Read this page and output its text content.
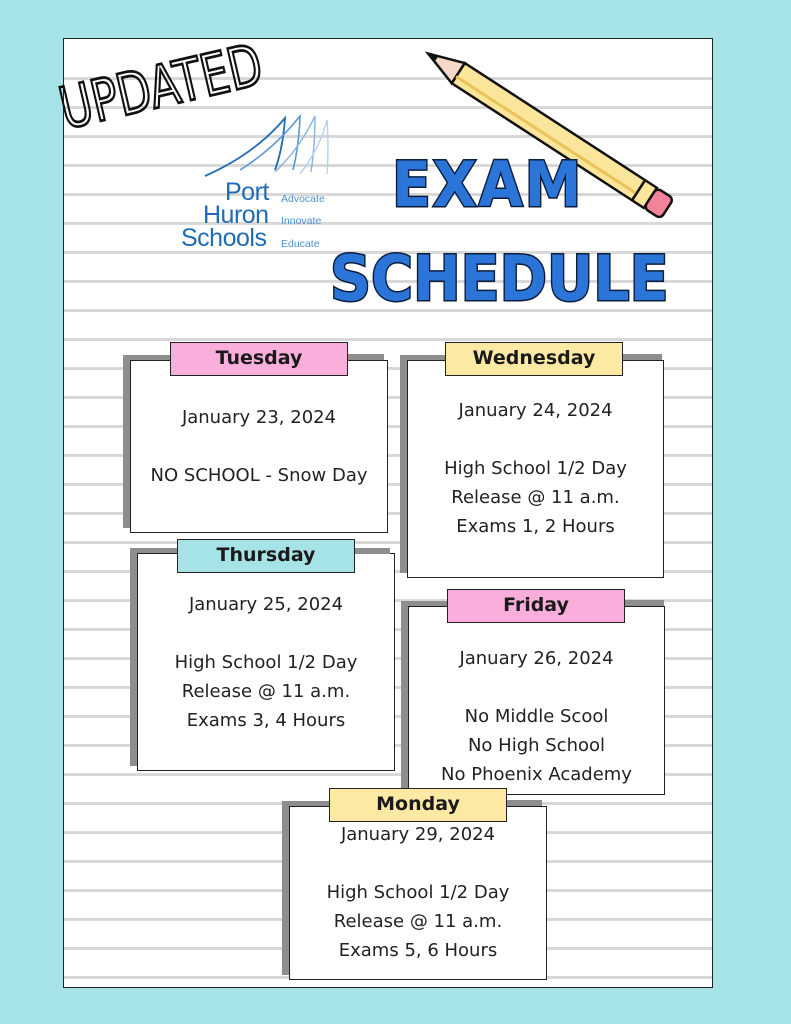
UPDATED
Port
Huron
Schools
Advocate
Innovate
Educate
EXAM
SCHEDULE
January 23, 2024
NO SCHOOL - Snow Day
Tuesday
January 24, 2024
High School 1/2 Day
Release @ 11 a.m.
Exams 1, 2 Hours
Wednesday
January 25, 2024
High School 1/2 Day
Release @ 11 a.m.
Exams 3, 4 Hours
Thursday
January 26, 2024
No Middle Scool
No High School
No Phoenix Academy
Friday
January 29, 2024
High School 1/2 Day
Release @ 11 a.m.
Exams 5, 6 Hours
Monday
